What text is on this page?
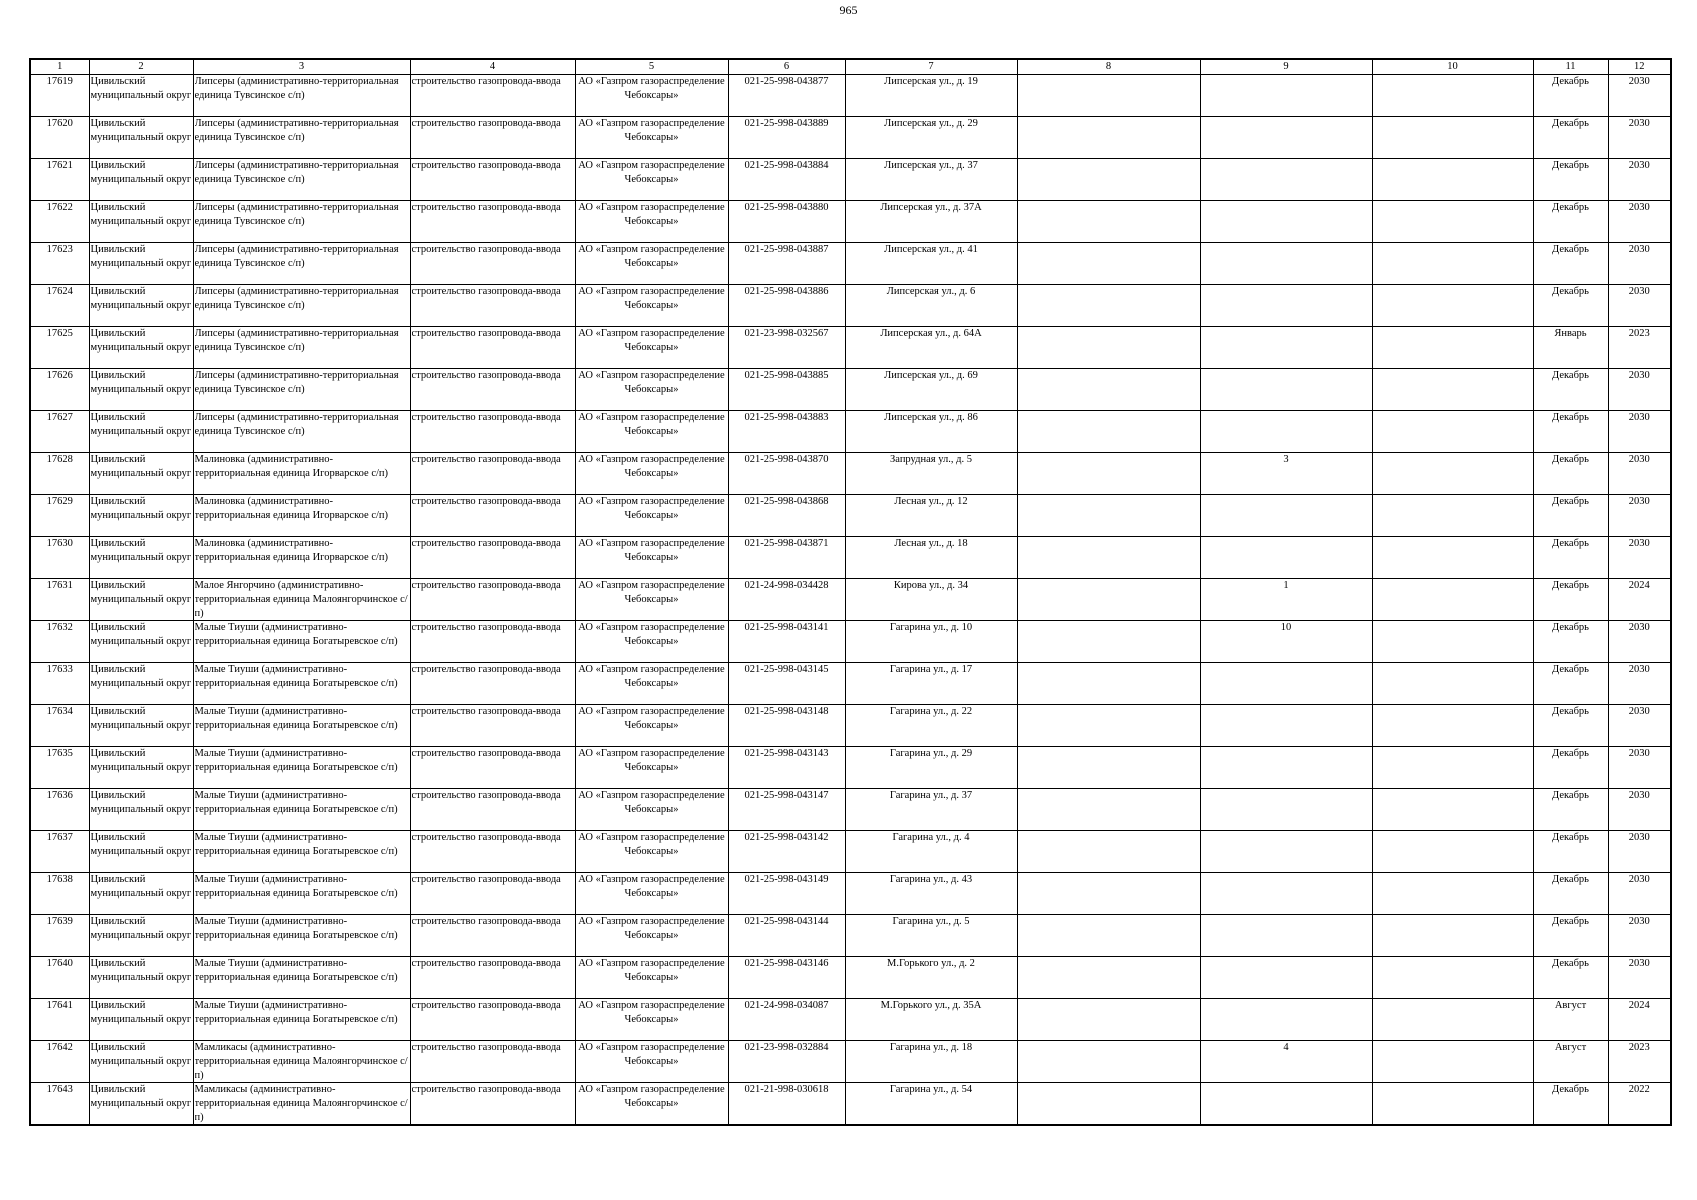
965
1	2	3	4	5	6	7	8	9	10	11	12

17619	Цивильский муниципальный округ	Липсеры (административно-территориальная единица Тувсинское с/п)	строительство газопровода-ввода	АО «Газпром газораспределение Чебоксары»	021-25-998-043877	Липсерская ул., д. 19				Декабрь	2030

17620	Цивильский муниципальный округ	Липсеры (административно-территориальная единица Тувсинское с/п)	строительство газопровода-ввода	АО «Газпром газораспределение Чебоксары»	021-25-998-043889	Липсерская ул., д. 29				Декабрь	2030

17621	Цивильский муниципальный округ	Липсеры (административно-территориальная единица Тувсинское с/п)	строительство газопровода-ввода	АО «Газпром газораспределение Чебоксары»	021-25-998-043884	Липсерская ул., д. 37				Декабрь	2030

17622	Цивильский муниципальный округ	Липсеры (административно-территориальная единица Тувсинское с/п)	строительство газопровода-ввода	АО «Газпром газораспределение Чебоксары»	021-25-998-043880	Липсерская ул., д. 37А				Декабрь	2030

17623	Цивильский муниципальный округ	Липсеры (административно-территориальная единица Тувсинское с/п)	строительство газопровода-ввода	АО «Газпром газораспределение Чебоксары»	021-25-998-043887	Липсерская ул., д. 41				Декабрь	2030

17624	Цивильский муниципальный округ	Липсеры (административно-территориальная единица Тувсинское с/п)	строительство газопровода-ввода	АО «Газпром газораспределение Чебоксары»	021-25-998-043886	Липсерская ул., д. 6				Декабрь	2030

17625	Цивильский муниципальный округ	Липсеры (административно-территориальная единица Тувсинское с/п)	строительство газопровода-ввода	АО «Газпром газораспределение Чебоксары»	021-23-998-032567	Липсерская ул., д. 64А				Январь	2023

17626	Цивильский муниципальный округ	Липсеры (административно-территориальная единица Тувсинское с/п)	строительство газопровода-ввода	АО «Газпром газораспределение Чебоксары»	021-25-998-043885	Липсерская ул., д. 69				Декабрь	2030

17627	Цивильский муниципальный округ	Липсеры (административно-территориальная единица Тувсинское с/п)	строительство газопровода-ввода	АО «Газпром газораспределение Чебоксары»	021-25-998-043883	Липсерская ул., д. 86				Декабрь	2030

17628	Цивильский муниципальный округ	Малиновка (административно-территориальная единица Игорварское с/п)	строительство газопровода-ввода	АО «Газпром газораспределение Чебоксары»	021-25-998-043870	Запрудная ул., д. 5		3		Декабрь	2030

17629	Цивильский муниципальный округ	Малиновка (административно-территориальная единица Игорварское с/п)	строительство газопровода-ввода	АО «Газпром газораспределение Чебоксары»	021-25-998-043868	Лесная ул., д. 12				Декабрь	2030

17630	Цивильский муниципальный округ	Малиновка (административно-территориальная единица Игорварское с/п)	строительство газопровода-ввода	АО «Газпром газораспределение Чебоксары»	021-25-998-043871	Лесная ул., д. 18				Декабрь	2030

17631	Цивильский муниципальный округ	Малое Янгорчино (административно-территориальная единица Малоянгорчинское с/п)	строительство газопровода-ввода	АО «Газпром газораспределение Чебоксары»	021-24-998-034428	Кирова ул., д. 34		1		Декабрь	2024

17632	Цивильский муниципальный округ	Малые Тиуши (административно-территориальная единица Богатыревское с/п)	строительство газопровода-ввода	АО «Газпром газораспределение Чебоксары»	021-25-998-043141	Гагарина ул., д. 10		10		Декабрь	2030

17633	Цивильский муниципальный округ	Малые Тиуши (административно-территориальная единица Богатыревское с/п)	строительство газопровода-ввода	АО «Газпром газораспределение Чебоксары»	021-25-998-043145	Гагарина ул., д. 17				Декабрь	2030

17634	Цивильский муниципальный округ	Малые Тиуши (административно-территориальная единица Богатыревское с/п)	строительство газопровода-ввода	АО «Газпром газораспределение Чебоксары»	021-25-998-043148	Гагарина ул., д. 22				Декабрь	2030

17635	Цивильский муниципальный округ	Малые Тиуши (административно-территориальная единица Богатыревское с/п)	строительство газопровода-ввода	АО «Газпром газораспределение Чебоксары»	021-25-998-043143	Гагарина ул., д. 29				Декабрь	2030

17636	Цивильский муниципальный округ	Малые Тиуши (административно-территориальная единица Богатыревское с/п)	строительство газопровода-ввода	АО «Газпром газораспределение Чебоксары»	021-25-998-043147	Гагарина ул., д. 37				Декабрь	2030

17637	Цивильский муниципальный округ	Малые Тиуши (административно-территориальная единица Богатыревское с/п)	строительство газопровода-ввода	АО «Газпром газораспределение Чебоксары»	021-25-998-043142	Гагарина ул., д. 4				Декабрь	2030

17638	Цивильский муниципальный округ	Малые Тиуши (административно-территориальная единица Богатыревское с/п)	строительство газопровода-ввода	АО «Газпром газораспределение Чебоксары»	021-25-998-043149	Гагарина ул., д. 43				Декабрь	2030

17639	Цивильский муниципальный округ	Малые Тиуши (административно-территориальная единица Богатыревское с/п)	строительство газопровода-ввода	АО «Газпром газораспределение Чебоксары»	021-25-998-043144	Гагарина ул., д. 5				Декабрь	2030

17640	Цивильский муниципальный округ	Малые Тиуши (административно-территориальная единица Богатыревское с/п)	строительство газопровода-ввода	АО «Газпром газораспределение Чебоксары»	021-25-998-043146	М.Горького ул., д. 2				Декабрь	2030

17641	Цивильский муниципальный округ	Малые Тиуши (административно-территориальная единица Богатыревское с/п)	строительство газопровода-ввода	АО «Газпром газораспределение Чебоксары»	021-24-998-034087	М.Горького ул., д. 35А				Август	2024

17642	Цивильский муниципальный округ	Мамликасы (административно-территориальная единица Малоянгорчинское с/п)	строительство газопровода-ввода	АО «Газпром газораспределение Чебоксары»	021-23-998-032884	Гагарина ул., д. 18		4		Август	2023

17643	Цивильский муниципальный округ	Мамликасы (административно-территориальная единица Малоянгорчинское с/п)	строительство газопровода-ввода	АО «Газпром газораспределение Чебоксары»	021-21-998-030618	Гагарина ул., д. 54				Декабрь	2022
